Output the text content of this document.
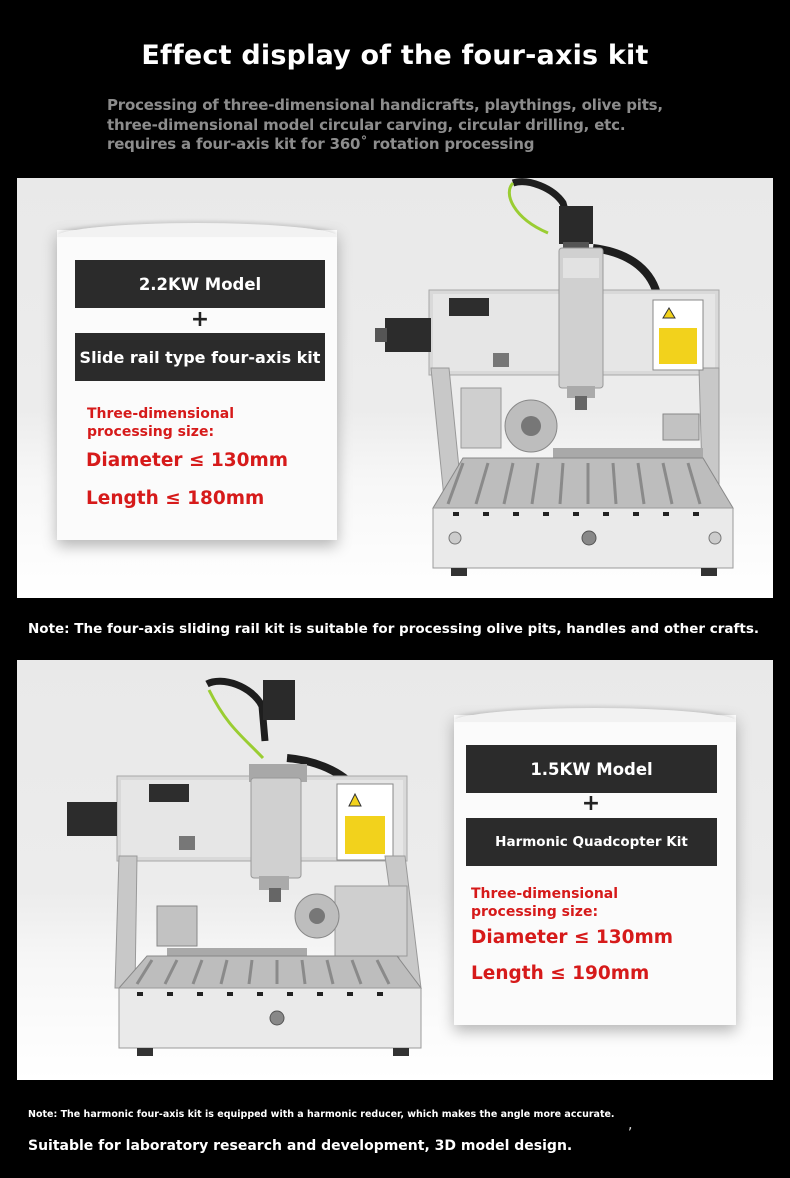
Effect display of the four-axis kit
Processing of three-dimensional handicrafts, playthings, olive pits,
three-dimensional model circular carving, circular drilling, etc.
requires a four-axis kit for 360˚ rotation processing
2.2KW Model
+
Slide rail type four-axis kit
Three-dimensional
processing size:
Diameter ≤ 130mm
Length ≤ 180mm
Note: The four-axis sliding rail kit is suitable for processing olive pits, handles and other crafts.
1.5KW Model
+
Harmonic Quadcopter Kit
Three-dimensional
processing size:
Diameter ≤ 130mm
Length ≤ 190mm
Note: The harmonic four-axis kit is equipped with a harmonic reducer, which makes the angle more accurate.
,
Suitable for laboratory research and development, 3D model design.
